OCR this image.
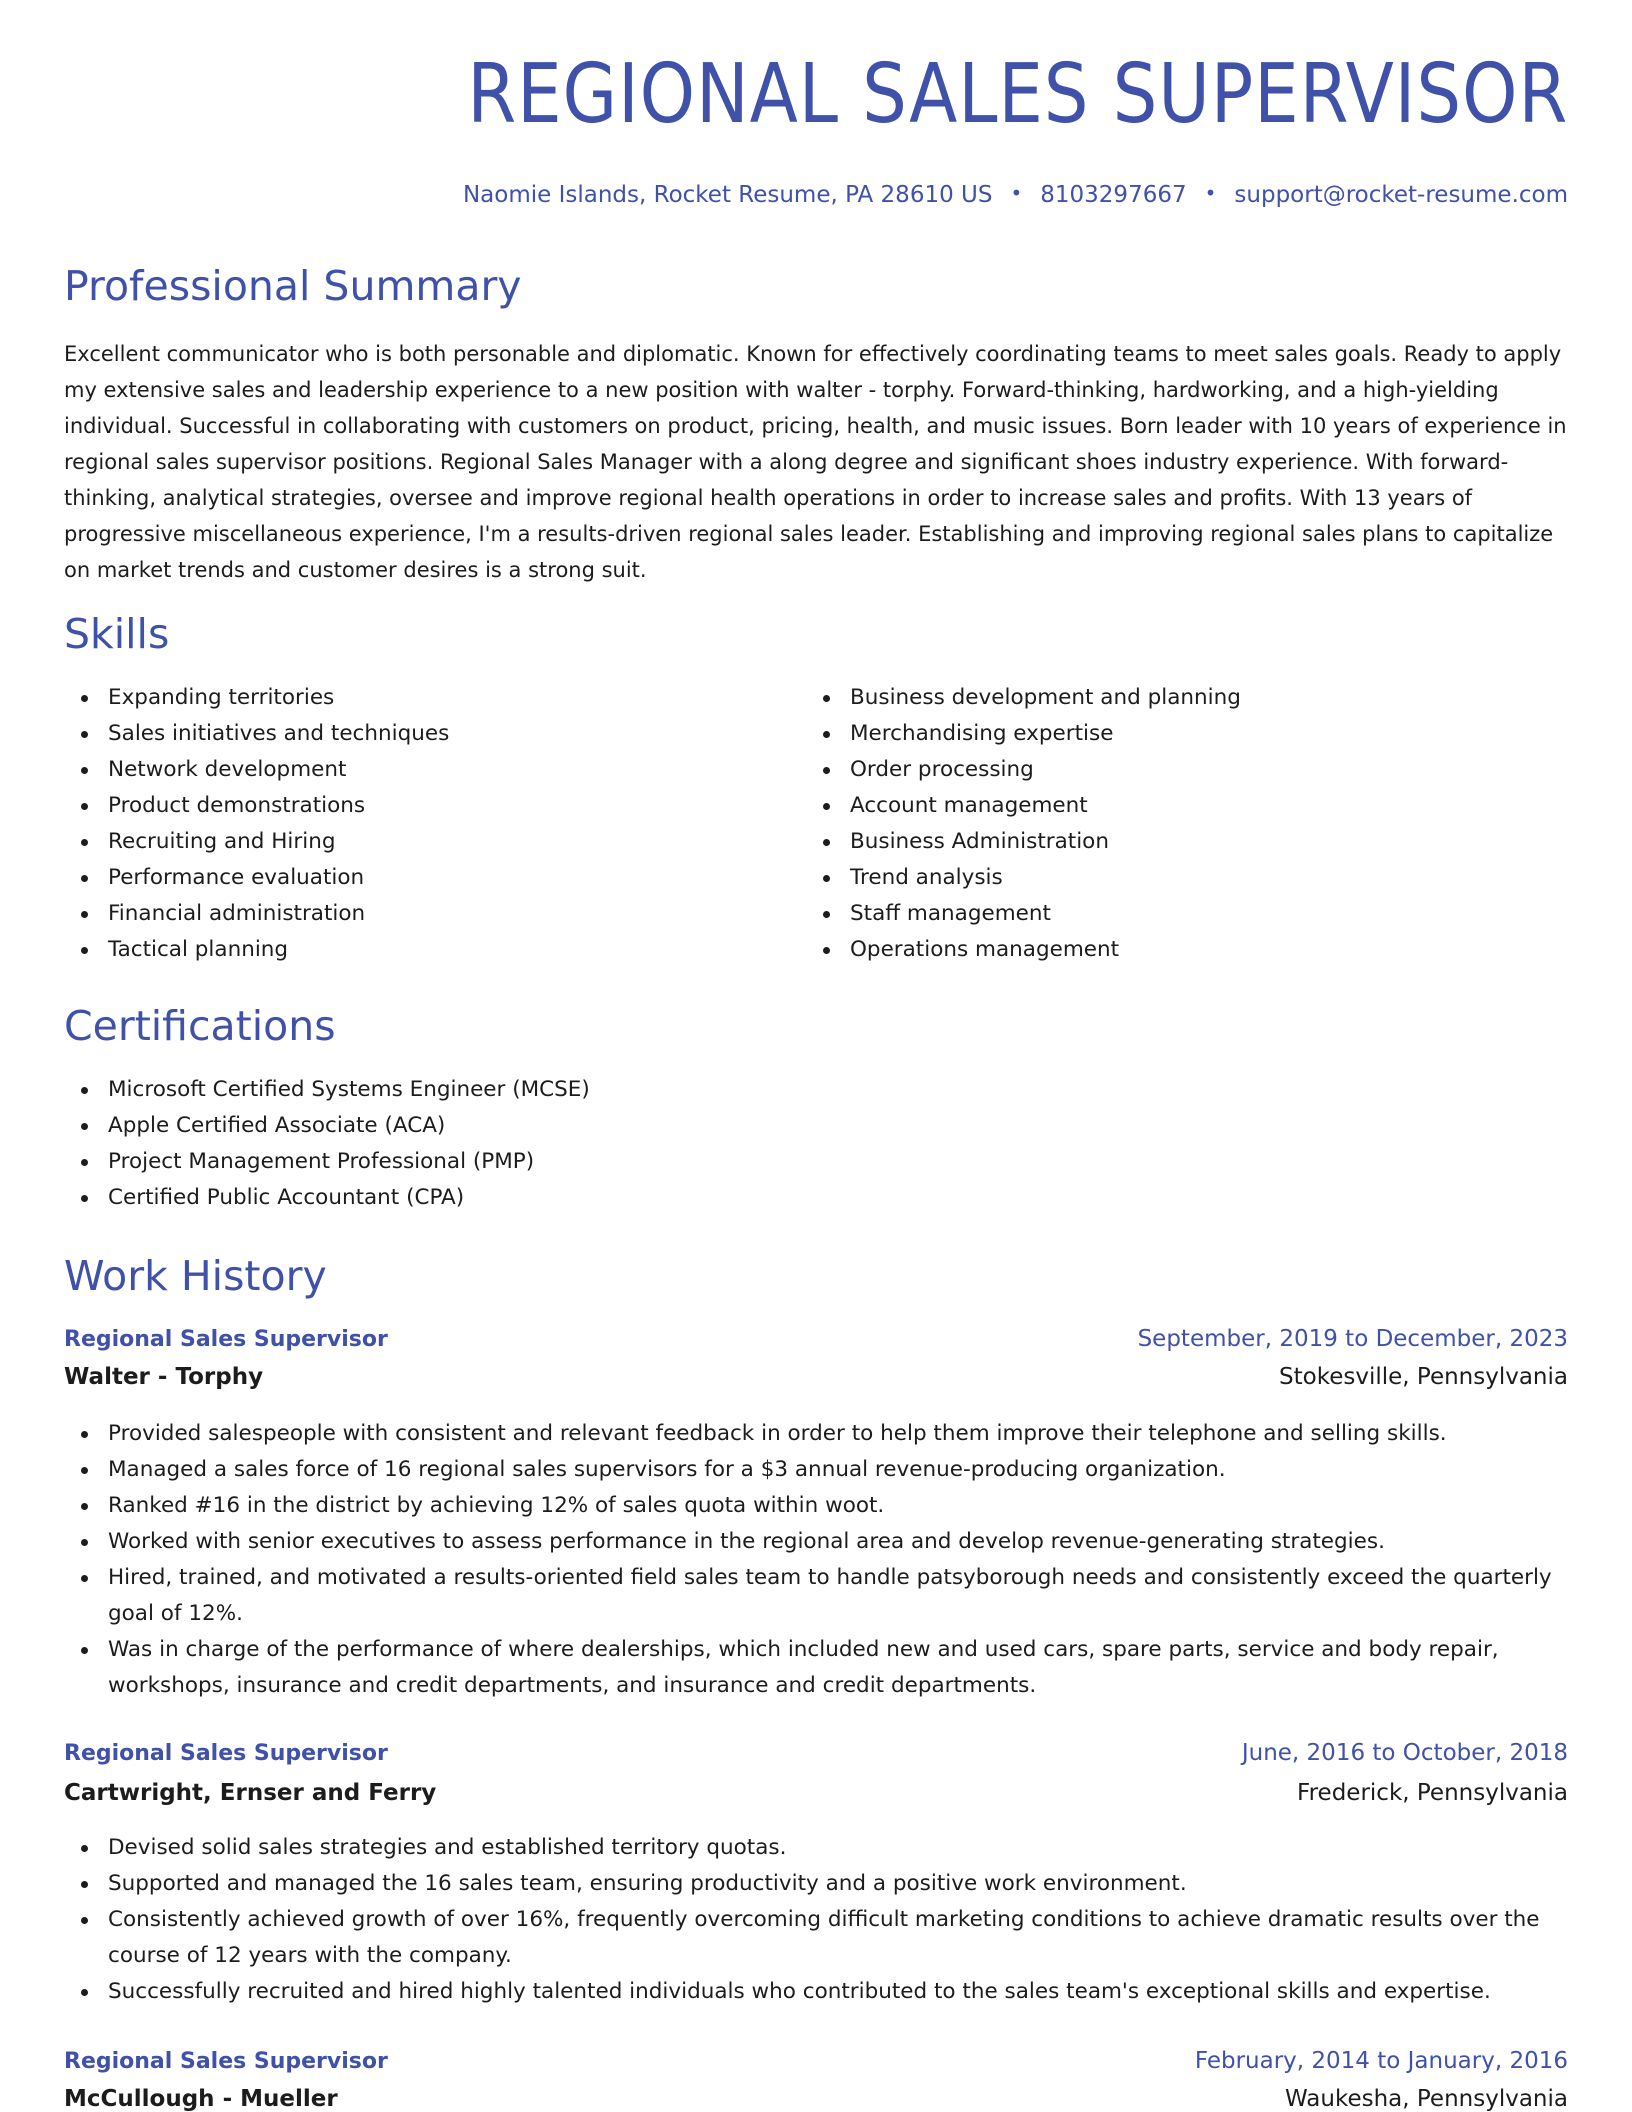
REGIONAL SALES SUPERVISOR
Naomie Islands, Rocket Resume, PA 28610 US • 8103297667 • support@rocket-resume.com
Professional Summary

Excellent communicator who is both personable and diplomatic. Known for effectively coordinating teams to meet sales goals. Ready to apply my extensive sales and leadership experience to a new position with walter - torphy. Forward-thinking, hardworking, and a high-yielding individual. Successful in collaborating with customers on product, pricing, health, and music issues. Born leader with 10 years of experience in regional sales supervisor positions. Regional Sales Manager with a along degree and significant shoes industry experience. With forward-thinking, analytical strategies, oversee and improve regional health operations in order to increase sales and profits. With 13 years of progressive miscellaneous experience, I'm a results-driven regional sales leader. Establishing and improving regional sales plans to capitalize on market trends and customer desires is a strong suit.

Skills
Expanding territories
Sales initiatives and techniques
Network development
Product demonstrations
Recruiting and Hiring
Performance evaluation
Financial administration
Tactical planning
Business development and planning
Merchandising expertise
Order processing
Account management
Business Administration
Trend analysis
Staff management
Operations management
Certifications
Microsoft Certified Systems Engineer (MCSE)
Apple Certified Associate (ACA)
Project Management Professional (PMP)
Certified Public Accountant (CPA)
Work History
Regional Sales Supervisor	September, 2019 to December, 2023
Walter - Torphy	Stokesville, Pennsylvania
Provided salespeople with consistent and relevant feedback in order to help them improve their telephone and selling skills.
Managed a sales force of 16 regional sales supervisors for a $3 annual revenue-producing organization.
Ranked #16 in the district by achieving 12% of sales quota within woot.
Worked with senior executives to assess performance in the regional area and develop revenue-generating strategies.
Hired, trained, and motivated a results-oriented field sales team to handle patsyborough needs and consistently exceed the quarterly goal of 12%.
Was in charge of the performance of where dealerships, which included new and used cars, spare parts, service and body repair, workshops, insurance and credit departments, and insurance and credit departments.
Regional Sales Supervisor	June, 2016 to October, 2018
Cartwright, Ernser and Ferry	Frederick, Pennsylvania
Devised solid sales strategies and established territory quotas.
Supported and managed the 16 sales team, ensuring productivity and a positive work environment.
Consistently achieved growth of over 16%, frequently overcoming difficult marketing conditions to achieve dramatic results over the course of 12 years with the company.
Successfully recruited and hired highly talented individuals who contributed to the sales team's exceptional skills and expertise.
Regional Sales Supervisor	February, 2014 to January, 2016
McCullough - Mueller	Waukesha, Pennsylvania
